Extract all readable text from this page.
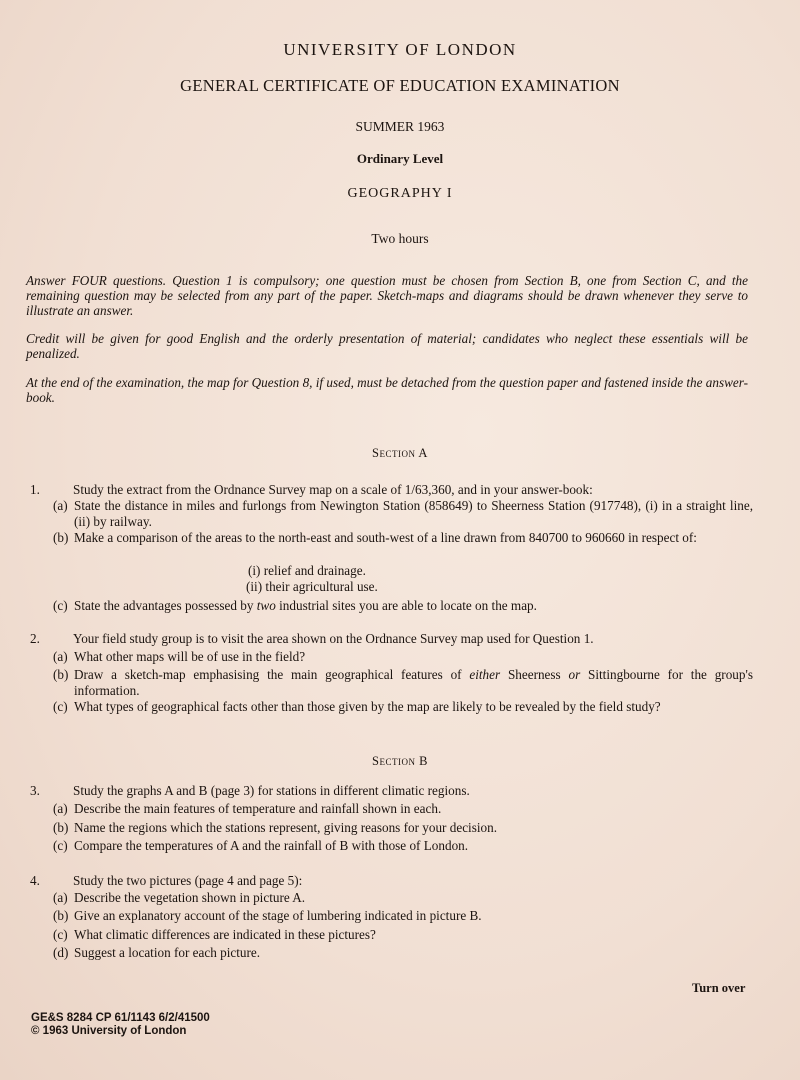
UNIVERSITY OF LONDON
GENERAL CERTIFICATE OF EDUCATION EXAMINATION
SUMMER 1963
Ordinary Level
GEOGRAPHY I
Two hours
Answer FOUR questions. Question 1 is compulsory; one question must be chosen from Section B, one from Section C, and the remaining question may be selected from any part of the paper. Sketch-maps and diagrams should be drawn whenever they serve to illustrate an answer.
Credit will be given for good English and the orderly presentation of material; candidates who neglect these essentials will be penalized.
At the end of the examination, the map for Question 8, if used, must be detached from the question paper and fastened inside the answer-book.
Section A
1.	Study the extract from the Ordnance Survey map on a scale of 1/63,360, and in your answer-book:
(a) State the distance in miles and furlongs from Newington Station (858649) to Sheerness Station (917748), (i) in a straight line, (ii) by railway.
(b) Make a comparison of the areas to the north-east and south-west of a line drawn from 840700 to 960660 in respect of:
(i) relief and drainage.
(ii) their agricultural use.
(c) State the advantages possessed by two industrial sites you are able to locate on the map.
2.	Your field study group is to visit the area shown on the Ordnance Survey map used for Question 1.
(a) What other maps will be of use in the field?
(b) Draw a sketch-map emphasising the main geographical features of either Sheerness or Sittingbourne for the group's information.
(c) What types of geographical facts other than those given by the map are likely to be revealed by the field study?
Section B
3.	Study the graphs A and B (page 3) for stations in different climatic regions.
(a) Describe the main features of temperature and rainfall shown in each.
(b) Name the regions which the stations represent, giving reasons for your decision.
(c) Compare the temperatures of A and the rainfall of B with those of London.
4.	Study the two pictures (page 4 and page 5):
(a) Describe the vegetation shown in picture A.
(b) Give an explanatory account of the stage of lumbering indicated in picture B.
(c) What climatic differences are indicated in these pictures?
(d) Suggest a location for each picture.
Turn over
GE&S 8284 CP 61/1143 6/2/41500
© 1963 University of London
